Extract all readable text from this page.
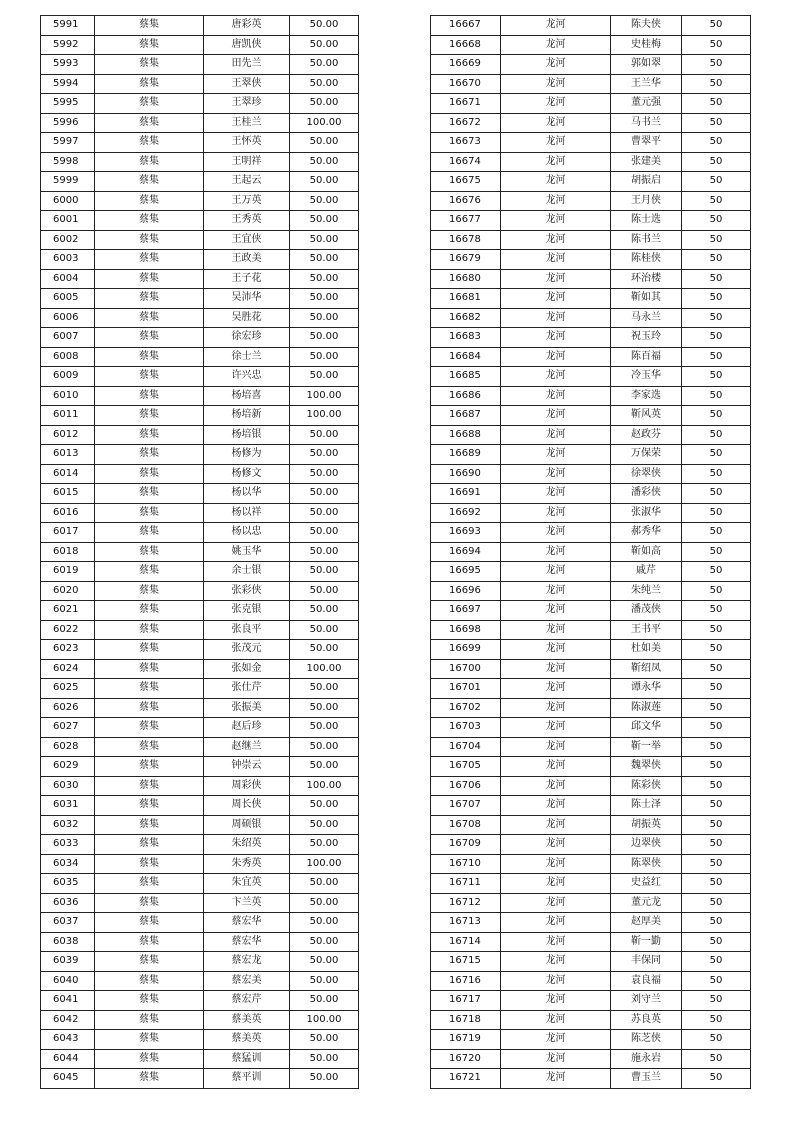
5991	蔡集	唐彩英	50.00
5992	蔡集	唐凯侠	50.00
5993	蔡集	田先兰	50.00
5994	蔡集	王翠侠	50.00
5995	蔡集	王翠珍	50.00
5996	蔡集	王桂兰	100.00
5997	蔡集	王怀英	50.00
5998	蔡集	王明祥	50.00
5999	蔡集	王起云	50.00
6000	蔡集	王万英	50.00
6001	蔡集	王秀英	50.00
6002	蔡集	王宜侠	50.00
6003	蔡集	王政美	50.00
6004	蔡集	王子花	50.00
6005	蔡集	吴沛华	50.00
6006	蔡集	吴胜花	50.00
6007	蔡集	徐宏珍	50.00
6008	蔡集	徐士兰	50.00
6009	蔡集	许兴忠	50.00
6010	蔡集	杨培喜	100.00
6011	蔡集	杨培新	100.00
6012	蔡集	杨培银	50.00
6013	蔡集	杨修为	50.00
6014	蔡集	杨修文	50.00
6015	蔡集	杨以华	50.00
6016	蔡集	杨以祥	50.00
6017	蔡集	杨以忠	50.00
6018	蔡集	姚玉华	50.00
6019	蔡集	余士银	50.00
6020	蔡集	张彩侠	50.00
6021	蔡集	张克银	50.00
6022	蔡集	张良平	50.00
6023	蔡集	张茂元	50.00
6024	蔡集	张如金	100.00
6025	蔡集	张仕芹	50.00
6026	蔡集	张振美	50.00
6027	蔡集	赵后珍	50.00
6028	蔡集	赵继兰	50.00
6029	蔡集	钟崇云	50.00
6030	蔡集	周彩侠	100.00
6031	蔡集	周长侠	50.00
6032	蔡集	周硕银	50.00
6033	蔡集	朱绍英	50.00
6034	蔡集	朱秀英	100.00
6035	蔡集	朱宜英	50.00
6036	蔡集	卞兰英	50.00
6037	蔡集	蔡宏华	50.00
6038	蔡集	蔡宏华	50.00
6039	蔡集	蔡宏龙	50.00
6040	蔡集	蔡宏美	50.00
6041	蔡集	蔡宏芹	50.00
6042	蔡集	蔡美英	100.00
6043	蔡集	蔡美英	50.00
6044	蔡集	蔡猛训	50.00
6045	蔡集	蔡平训	50.00
16667	龙河	陈夫侠	50
16668	龙河	史桂梅	50
16669	龙河	郭如翠	50
16670	龙河	王兰华	50
16671	龙河	董元强	50
16672	龙河	马书兰	50
16673	龙河	曹翠平	50
16674	龙河	张建美	50
16675	龙河	胡振启	50
16676	龙河	王月侠	50
16677	龙河	陈士选	50
16678	龙河	陈书兰	50
16679	龙河	陈桂侠	50
16680	龙河	环治楼	50
16681	龙河	靳如其	50
16682	龙河	马永兰	50
16683	龙河	祝玉玲	50
16684	龙河	陈百福	50
16685	龙河	冷玉华	50
16686	龙河	李家选	50
16687	龙河	靳风英	50
16688	龙河	赵政芬	50
16689	龙河	万保荣	50
16690	龙河	徐翠侠	50
16691	龙河	潘彩侠	50
16692	龙河	张淑华	50
16693	龙河	郝秀华	50
16694	龙河	靳如高	50
16695	龙河	戚芹	50
16696	龙河	朱纯兰	50
16697	龙河	潘茂侠	50
16698	龙河	王书平	50
16699	龙河	杜如美	50
16700	龙河	靳绍凤	50
16701	龙河	谭永华	50
16702	龙河	陈淑莲	50
16703	龙河	邱文华	50
16704	龙河	靳一举	50
16705	龙河	魏翠侠	50
16706	龙河	陈彩侠	50
16707	龙河	陈士泽	50
16708	龙河	胡振英	50
16709	龙河	边翠侠	50
16710	龙河	陈翠侠	50
16711	龙河	史益红	50
16712	龙河	董元龙	50
16713	龙河	赵厚美	50
16714	龙河	靳一勤	50
16715	龙河	丰保同	50
16716	龙河	袁良福	50
16717	龙河	刘守兰	50
16718	龙河	苏良英	50
16719	龙河	陈芝侠	50
16720	龙河	施永岩	50
16721	龙河	曹玉兰	50
